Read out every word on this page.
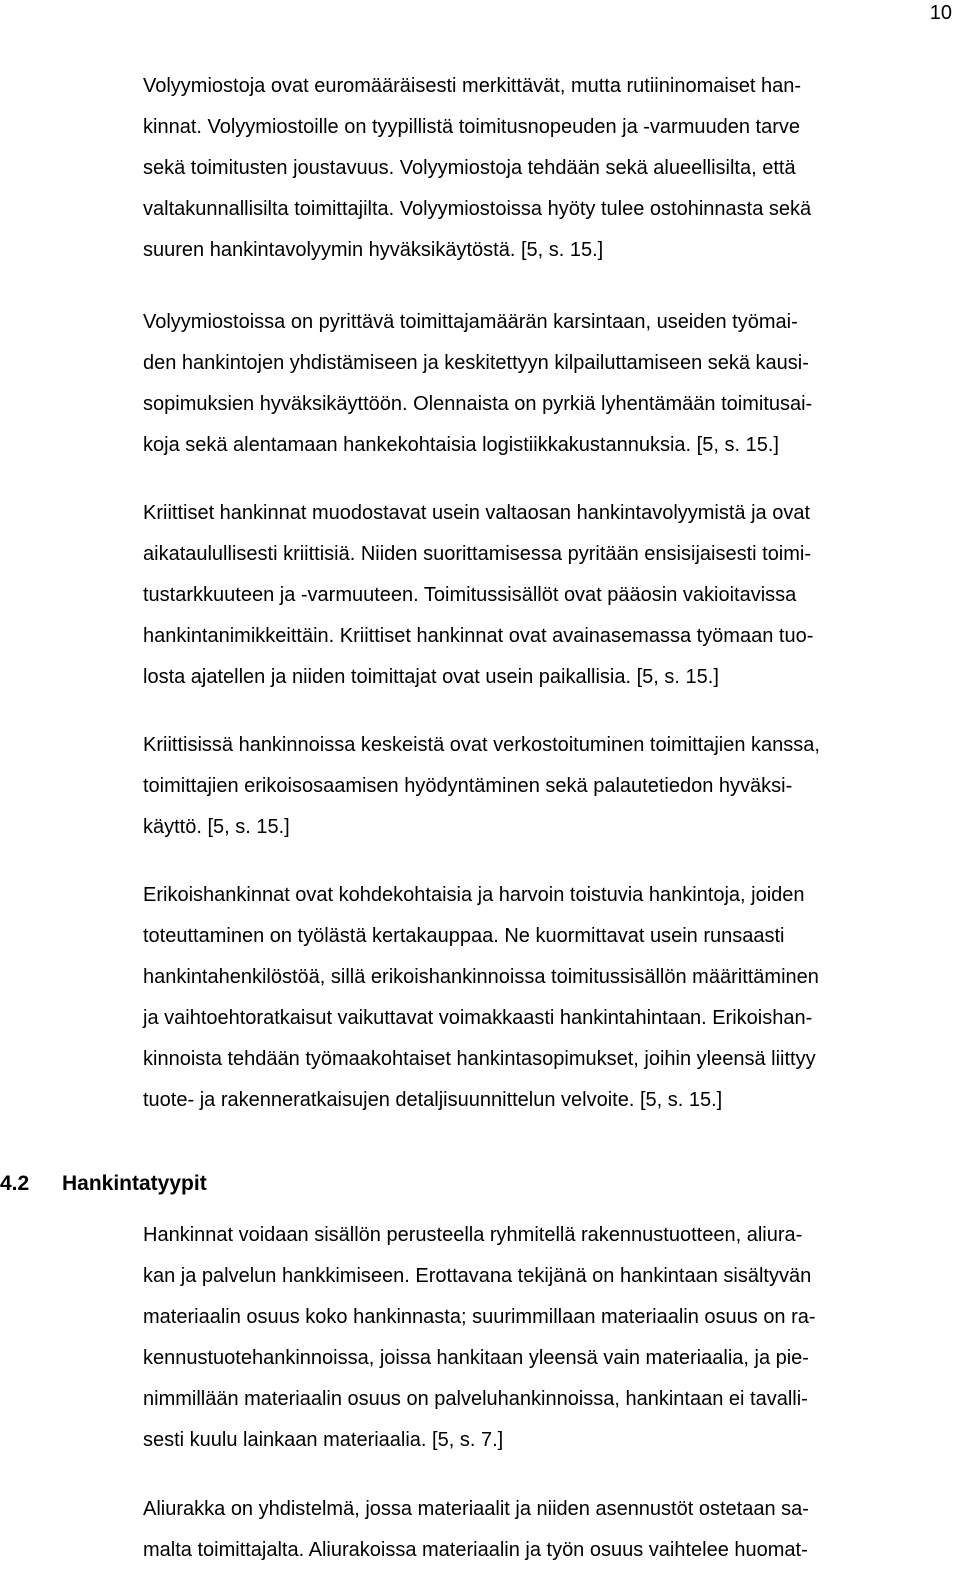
10
Volyymiostoja ovat euromääräisesti merkittävät, mutta rutiininomaiset han-
kinnat. Volyymiostoille on tyypillistä toimitusnopeuden ja -varmuuden tarve
sekä toimitusten joustavuus. Volyymiostoja tehdään sekä alueellisilta, että
valtakunnallisilta toimittajilta. Volyymiostoissa hyöty tulee ostohinnasta sekä
suuren hankintavolyymin hyväksikäytöstä. [5, s. 15.]
Volyymiostoissa on pyrittävä toimittajamäärän karsintaan, useiden työmai-
den hankintojen yhdistämiseen ja keskitettyyn kilpailuttamiseen sekä kausi-
sopimuksien hyväksikäyttöön. Olennaista on pyrkiä lyhentämään toimitusai-
koja sekä alentamaan hankekohtaisia logistiikkakustannuksia. [5, s. 15.]
Kriittiset hankinnat muodostavat usein valtaosan hankintavolyymistä ja ovat
aikataulullisesti kriittisiä. Niiden suorittamisessa pyritään ensisijaisesti toimi-
tustarkkuuteen ja -varmuuteen. Toimitussisällöt ovat pääosin vakioitavissa
hankintanimikkeittäin. Kriittiset hankinnat ovat avainasemassa työmaan tuo-
losta ajatellen ja niiden toimittajat ovat usein paikallisia. [5, s. 15.]
Kriittisissä hankinnoissa keskeistä ovat verkostoituminen toimittajien kanssa,
toimittajien erikoisosaamisen hyödyntäminen sekä palautetiedon hyväksi-
käyttö. [5, s. 15.]
Erikoishankinnat ovat kohdekohtaisia ja harvoin toistuvia hankintoja, joiden
toteuttaminen on työlästä kertakauppaa. Ne kuormittavat usein runsaasti
hankintahenkilöstöä, sillä erikoishankinnoissa toimitussisällön määrittäminen
ja vaihtoehtoratkaisut vaikuttavat voimakkaasti hankintahintaan. Erikoishan-
kinnoista tehdään työmaakohtaiset hankintasopimukset, joihin yleensä liittyy
tuote- ja rakenneratkaisujen detaljisuunnittelun velvoite. [5, s. 15.]
4.2 Hankintatyypit
Hankinnat voidaan sisällön perusteella ryhmitellä rakennustuotteen, aliura-
kan ja palvelun hankkimiseen. Erottavana tekijänä on hankintaan sisältyvän
materiaalin osuus koko hankinnasta; suurimmillaan materiaalin osuus on ra-
kennustuotehankinnoissa, joissa hankitaan yleensä vain materiaalia, ja pie-
nimmillään materiaalin osuus on palveluhankinnoissa, hankintaan ei tavalli-
sesti kuulu lainkaan materiaalia. [5, s. 7.]
Aliurakka on yhdistelmä, jossa materiaalit ja niiden asennustöt ostetaan sa-
malta toimittajalta. Aliurakoissa materiaalin ja työn osuus vaihtelee huomat-
